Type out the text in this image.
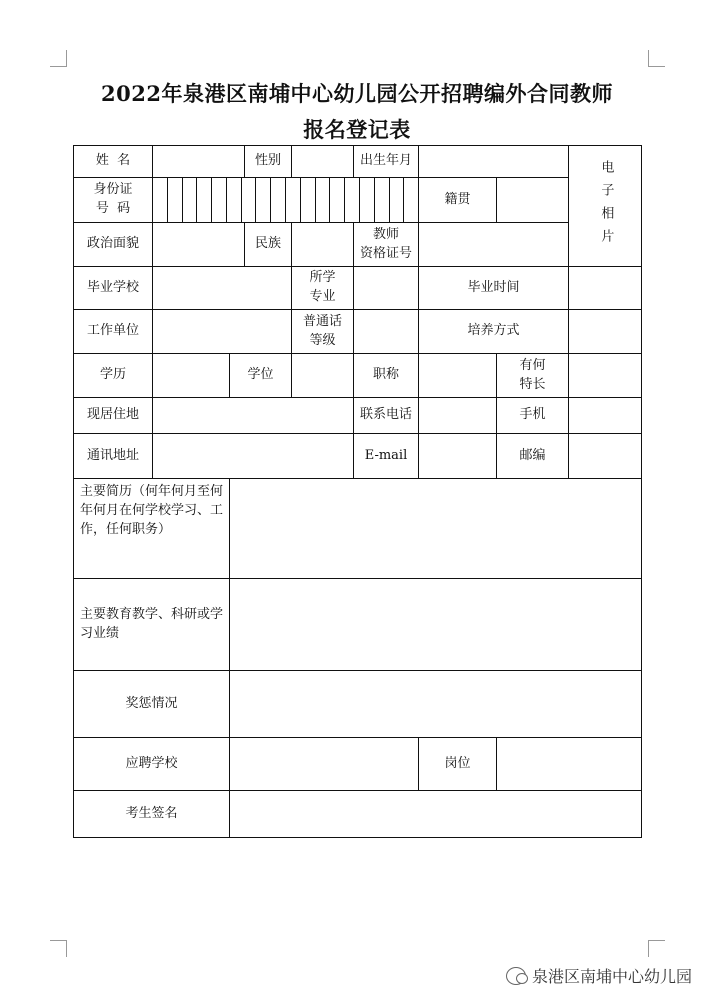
2022年泉港区南埔中心幼儿园公开招聘编外合同教师
报名登记表
姓  名			性别		出生年月			电子相片

身份证
号  码						籍贯		
政治面貌			民族		教师
资格证号			

毕业学校				所学
专业		毕业时间		
工作单位				普通话
等级		培养方式		
学历		学位			职称		有何
特长	

现居住地					联系电话		手机	
通讯地址					E-mail		邮编	
主要简历（何年何月至何年何月在何学校学习、工作，任何职务）								
主要教育教学、科研或学习业绩								
奖惩情况								
应聘学校						岗位		
考生签名								
泉港区南埔中心幼儿园
